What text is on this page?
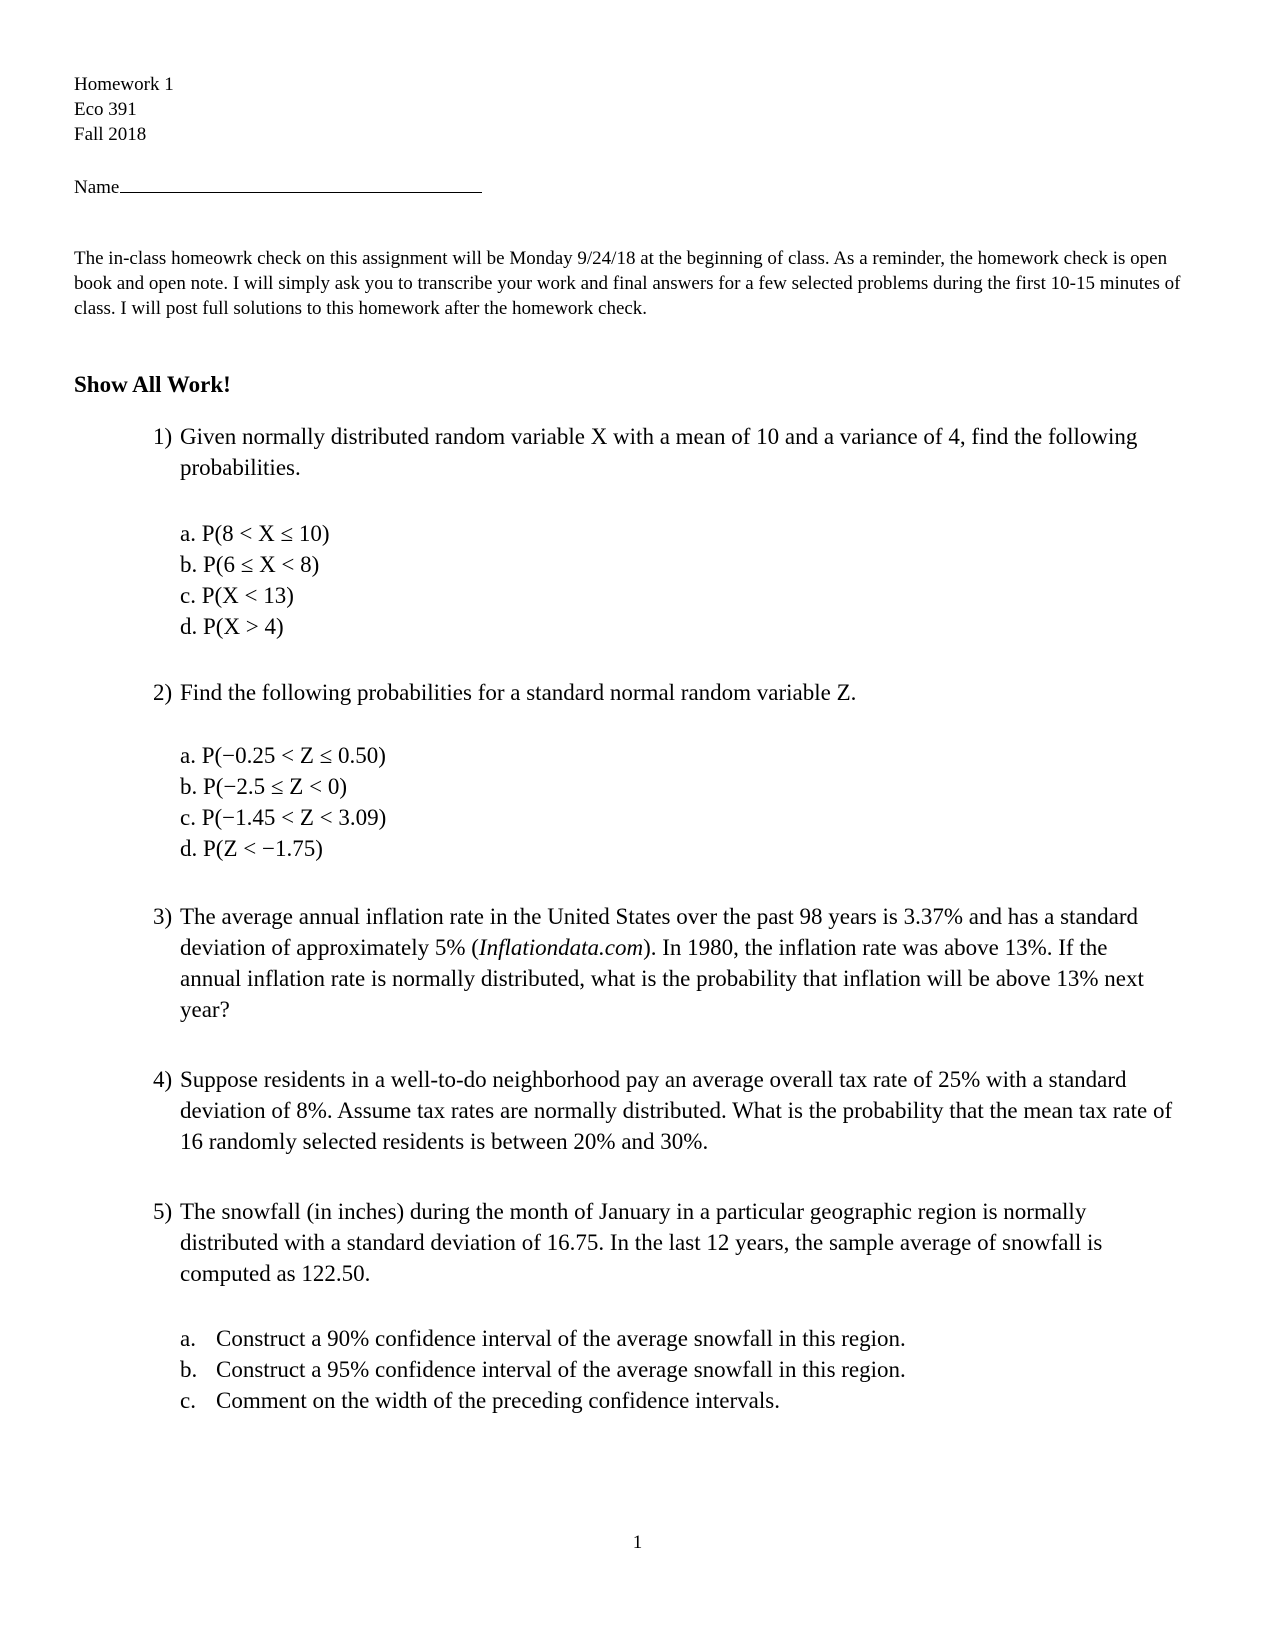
Homework 1
Eco 391
Fall 2018
Name
The in-class homeowrk check on this assignment will be Monday 9/24/18 at the beginning of class. As a reminder, the homework check is open book and open note. I will simply ask you to transcribe your work and final answers for a few selected problems during the first 10-15 minutes of class. I will post full solutions to this homework after the homework check.
Show All Work!
1) Given normally distributed random variable X with a mean of 10 and a variance of 4, find the following probabilities.
a. P(8 < X ≤ 10)
b. P(6 ≤ X < 8)
c. P(X < 13)
d. P(X > 4)
2) Find the following probabilities for a standard normal random variable Z.
a. P(−0.25 < Z ≤ 0.50)
b. P(−2.5 ≤ Z < 0)
c. P(−1.45 < Z < 3.09)
d. P(Z < −1.75)
3) The average annual inflation rate in the United States over the past 98 years is 3.37% and has a standard deviation of approximately 5% (Inflationdata.com). In 1980, the inflation rate was above 13%. If the annual inflation rate is normally distributed, what is the probability that inflation will be above 13% next year?
4) Suppose residents in a well-to-do neighborhood pay an average overall tax rate of 25% with a standard deviation of 8%. Assume tax rates are normally distributed. What is the probability that the mean tax rate of 16 randomly selected residents is between 20% and 30%.
5) The snowfall (in inches) during the month of January in a particular geographic region is normally distributed with a standard deviation of 16.75. In the last 12 years, the sample average of snowfall is computed as 122.50.
a. Construct a 90% confidence interval of the average snowfall in this region.
b. Construct a 95% confidence interval of the average snowfall in this region.
c. Comment on the width of the preceding confidence intervals.
1
